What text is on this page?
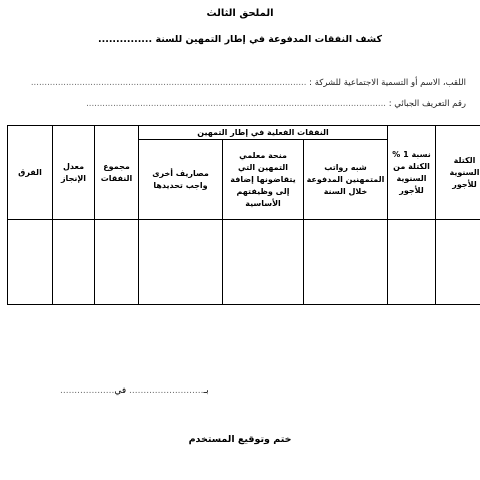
الملحق الثالث
كشف النفقات المدفوعة في إطار التمهين للسنة ...............
اللقب، الاسم أو التسمية الاجتماعية للشركة : ......................................................................................................
رقم التعريف الجبائي : ...............................................................................................................
الكتلة السنوية للأجور	نسبة 1 % الكتلة من السنوية للأجور	النفقات الفعلية في إطار التمهين			مجموع النفقات	معدل الإنجاز	الفرق
		شبه رواتب المتمهنين المدفوعة خلال السنة	منحة معلمي التمهين التي يتقاضونها إضافة إلى وظيفتهم الأساسية	مصاريف أخرى واجب تحديدها			

بـ.......................... في...................
ختم وتوقيع المستخدم
